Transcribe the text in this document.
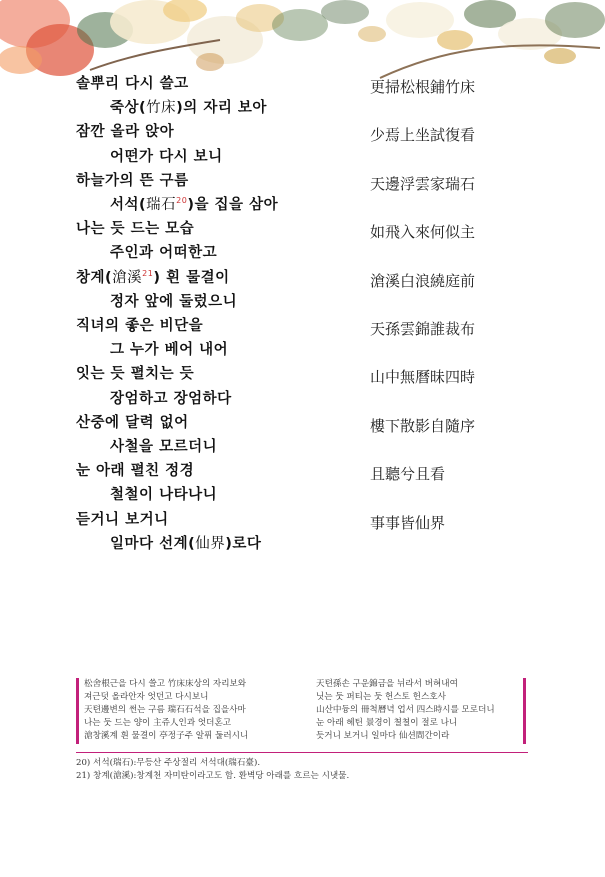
솔뿌리 다시 쓸고
죽상(竹床)의 자리 보아
잠깐 올라 앉아
어떤가 다시 보니
하늘가의 뜬 구름
서석(瑞石$^{20}$)을 집을 삼아
나는 듯 드는 모습
주인과 어떠한고
창계(滄溪$^{21}$) 흰 물결이
정자 앞에 둘렀으니
직녀의 좋은 비단을
그 누가 베어 내어
잇는 듯 펼치는 듯
장엄하고 장엄하다
산중에 달력 없어
사철을 모르더니
눈 아래 펼친 정경
철철이 나타나니
듣거니 보거니
일마다 선계(仙界)로다
更掃松根鋪竹床
少焉上坐試復看
天邊浮雲家瑞石
如飛入來何似主
滄溪白浪繞庭前
天孫雲錦誰裁布
山中無曆昧四時
樓下散影自隨序
且聽兮且看
事事皆仙界
松舍根근을 다시 쓸고 竹床床상의 자리보와
져근덧 올라안자 엇던고 다시보니
天텬邊변의 썬는 구름 瑞石石석을 집을사마
나는 둣 드는 양이 主쥬人인과 엇더혼고
滄창溪계 흰 물결이 亭정子주 알퓌 둘러시니
天텬孫손 구운錦금을 뉘라서 버혀내여
닛는 둣 퍼티는 둣 헌스토 헌스호사
山산中듕의 冊척曆녁 업서 四스時시를 모로더니
눈 아래 헤틴 景경이 쳘쳘이 절로 나니
듯거니 보거니 일마다 仙션間간이라
20) 서석(瑞石):무등산 주상절리 서석대(瑞石臺).
21) 창계(滄溪):창계천 자미탄이라고도 함. 환벽당 아래를 흐르는 시냇물.
